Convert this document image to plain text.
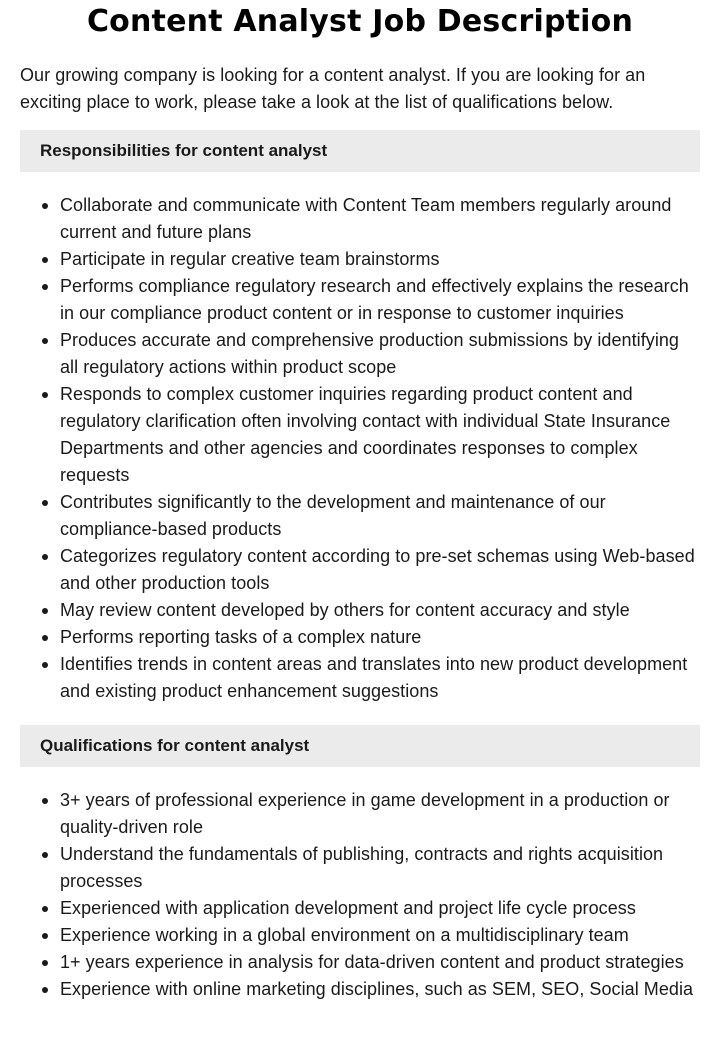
Content Analyst Job Description

Our growing company is looking for a content analyst. If you are looking for an exciting place to work, please take a look at the list of qualifications below.

Responsibilities for content analyst
Collaborate and communicate with Content Team members regularly around current and future plans
Participate in regular creative team brainstorms
Performs compliance regulatory research and effectively explains the research in our compliance product content or in response to customer inquiries
Produces accurate and comprehensive production submissions by identifying all regulatory actions within product scope
Responds to complex customer inquiries regarding product content and regulatory clarification often involving contact with individual State Insurance Departments and other agencies and coordinates responses to complex requests
Contributes significantly to the development and maintenance of our compliance-based products
Categorizes regulatory content according to pre-set schemas using Web-based and other production tools
May review content developed by others for content accuracy and style
Performs reporting tasks of a complex nature
Identifies trends in content areas and translates into new product development and existing product enhancement suggestions
Qualifications for content analyst
3+ years of professional experience in game development in a production or quality-driven role
Understand the fundamentals of publishing, contracts and rights acquisition processes
Experienced with application development and project life cycle process
Experience working in a global environment on a multidisciplinary team
1+ years experience in analysis for data-driven content and product strategies
Experience with online marketing disciplines, such as SEM, SEO, Social Media
